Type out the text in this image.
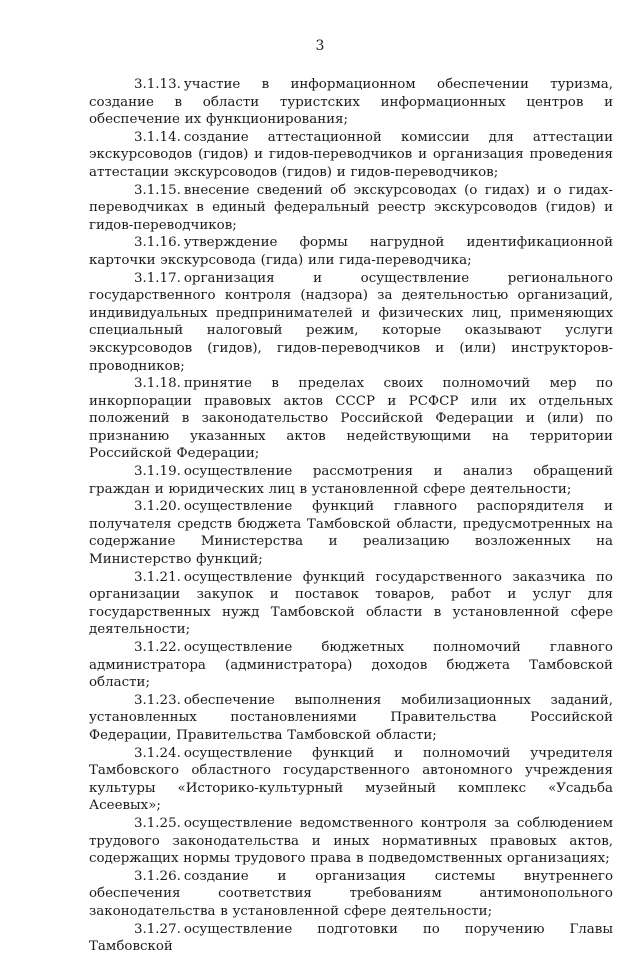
3

3.1.13. участие в информационном обеспечении туризма, создание в области туристских информационных центров и обеспечение их функционирования;

3.1.14. создание аттестационной комиссии для аттестации экскурсоводов (гидов) и гидов-переводчиков и организация проведения аттестации экскурсоводов (гидов) и гидов-переводчиков;

3.1.15. внесение сведений об экскурсоводах (о гидах) и о гидах-переводчиках в единый федеральный реестр экскурсоводов (гидов) и гидов-переводчиков;

3.1.16. утверждение формы нагрудной идентификационной карточки экскурсовода (гида) или гида-переводчика;

3.1.17. организация и осуществление регионального государственного контроля (надзора) за деятельностью организаций, индивидуальных предпринимателей и физических лиц, применяющих специальный налоговый режим, которые оказывают услуги экскурсоводов (гидов), гидов-переводчиков и (или) инструкторов-проводников;

3.1.18. принятие в пределах своих полномочий мер по инкорпорации правовых актов СССР и РСФСР или их отдельных положений в законодательство Российской Федерации и (или) по признанию указанных актов недействующими на территории Российской Федерации;

3.1.19. осуществление рассмотрения и анализ обращений граждан и юридических лиц в установленной сфере деятельности;

3.1.20. осуществление функций главного распорядителя и получателя средств бюджета Тамбовской области, предусмотренных на содержание Министерства и реализацию возложенных на Министерство функций;

3.1.21. осуществление функций государственного заказчика по организации закупок и поставок товаров, работ и услуг для государственных нужд Тамбовской области в установленной сфере деятельности;

3.1.22. осуществление бюджетных полномочий главного администратора (администратора) доходов бюджета Тамбовской области;

3.1.23. обеспечение выполнения мобилизационных заданий, установленных постановлениями Правительства Российской Федерации, Правительства Тамбовской области;

3.1.24. осуществление функций и полномочий учредителя Тамбовского областного государственного автономного учреждения культуры «Историко-культурный музейный комплекс «Усадьба Асеевых»;

3.1.25. осуществление ведомственного контроля за соблюдением трудового законодательства и иных нормативных правовых актов, содержащих нормы трудового права в подведомственных организациях;

3.1.26. создание и организация системы внутреннего обеспечения соответствия требованиям антимонопольного законодательства в установленной сфере деятельности;

3.1.27. осуществление подготовки по поручению Главы Тамбовской
